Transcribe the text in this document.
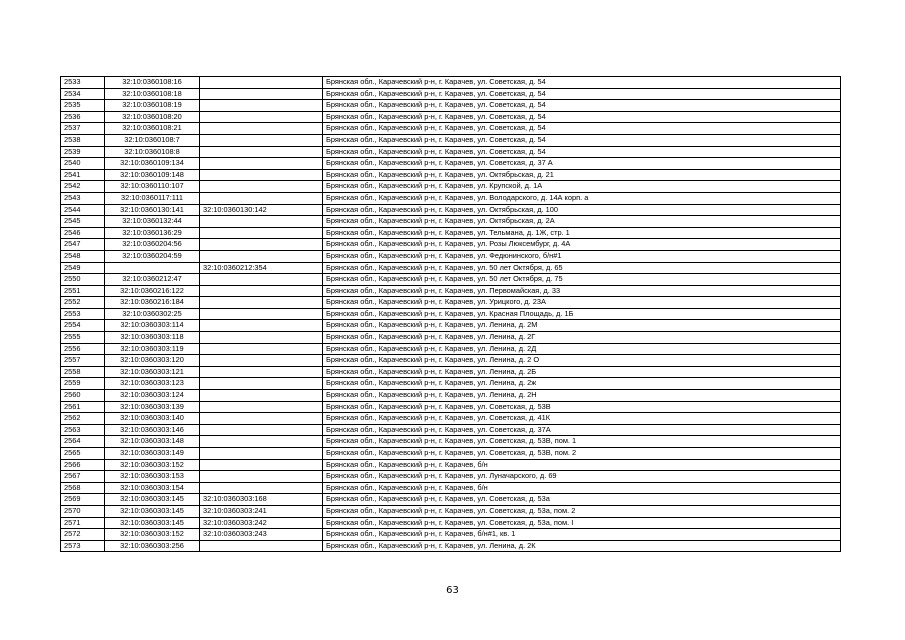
2533	32:10:0360108:16		Брянская обл., Карачевский р-н, г. Карачев, ул. Советская, д. 54
2534	32:10:0360108:18		Брянская обл., Карачевский р-н, г. Карачев, ул. Советская, д. 54
2535	32:10:0360108:19		Брянская обл., Карачевский р-н, г. Карачев, ул. Советская, д. 54
2536	32:10:0360108:20		Брянская обл., Карачевский р-н, г. Карачев, ул. Советская, д. 54
2537	32:10:0360108:21		Брянская обл., Карачевский р-н, г. Карачев, ул. Советская, д. 54
2538	32:10:0360108:7		Брянская обл., Карачевский р-н, г. Карачев, ул. Советская, д. 54
2539	32:10:0360108:8		Брянская обл., Карачевский р-н, г. Карачев, ул. Советская, д. 54
2540	32:10:0360109:134		Брянская обл., Карачевский р-н, г. Карачев, ул. Советская, д. 37 А
2541	32:10:0360109:148		Брянская обл., Карачевский р-н, г. Карачев, ул. Октябрьская, д. 21
2542	32:10:0360110:107		Брянская обл., Карачевский р-н, г. Карачев, ул. Крупской, д. 1А
2543	32:10:0360117:111		Брянская обл., Карачевский р-н, г. Карачев, ул. Володарского, д. 14А корп. а
2544	32:10:0360130:141	32:10:0360130:142	Брянская обл., Карачевский р-н, г. Карачев, ул. Октябрьская, д. 100
2545	32:10:0360132:44		Брянская обл., Карачевский р-н, г. Карачев, ул. Октябрьская, д. 2А
2546	32:10:0360136:29		Брянская обл., Карачевский р-н, г. Карачев, ул. Тельмана, д. 1Ж, стр. 1
2547	32:10:0360204:56		Брянская обл., Карачевский р-н, г. Карачев, ул. Розы Люксембург, д. 4А
2548	32:10:0360204:59		Брянская обл., Карачевский р-н, г. Карачев, ул. Федюнинского, б/н#1
2549		32:10:0360212:354	Брянская обл., Карачевский р-н, г. Карачев, ул. 50 лет Октября, д. 65
2550	32:10:0360212:47		Брянская обл., Карачевский р-н, г. Карачев, ул. 50 лет Октября, д. 75
2551	32:10:0360216:122		Брянская обл., Карачевский р-н, г. Карачев, ул. Первомайская, д. 33
2552	32:10:0360216:184		Брянская обл., Карачевский р-н, г. Карачев, ул. Урицкого, д. 23А
2553	32:10:0360302:25		Брянская обл., Карачевский р-н, г. Карачев, ул. Красная Площадь, д. 1Б
2554	32:10:0360303:114		Брянская обл., Карачевский р-н, г. Карачев, ул. Ленина, д. 2М
2555	32:10:0360303:118		Брянская обл., Карачевский р-н, г. Карачев, ул. Ленина, д. 2Г
2556	32:10:0360303:119		Брянская обл., Карачевский р-н, г. Карачев, ул. Ленина, д. 2Д
2557	32:10:0360303:120		Брянская обл., Карачевский р-н, г. Карачев, ул. Ленина, д. 2 О
2558	32:10:0360303:121		Брянская обл., Карачевский р-н, г. Карачев, ул. Ленина, д. 2Б
2559	32:10:0360303:123		Брянская обл., Карачевский р-н, г. Карачев, ул. Ленина, д. 2ж
2560	32:10:0360303:124		Брянская обл., Карачевский р-н, г. Карачев, ул. Ленина, д. 2Н
2561	32:10:0360303:139		Брянская обл., Карачевский р-н, г. Карачев, ул. Советская, д. 53В
2562	32:10:0360303:140		Брянская обл., Карачевский р-н, г. Карачев, ул. Советская, д. 41К
2563	32:10:0360303:146		Брянская обл., Карачевский р-н, г. Карачев, ул. Советская, д. 37А
2564	32:10:0360303:148		Брянская обл., Карачевский р-н, г. Карачев, ул. Советская, д. 53В, пом. 1
2565	32:10:0360303:149		Брянская обл., Карачевский р-н, г. Карачев, ул. Советская, д. 53В, пом. 2
2566	32:10:0360303:152		Брянская обл., Карачевский р-н, г. Карачев, б/н
2567	32:10:0360303:153		Брянская обл., Карачевский р-н, г. Карачев, ул. Луначарского, д. 69
2568	32:10:0360303:154		Брянская обл., Карачевский р-н, г. Карачев, б/н
2569	32:10:0360303:145	32:10:0360303:168	Брянская обл., Карачевский р-н, г. Карачев, ул. Советская, д. 53а
2570	32:10:0360303:145	32:10:0360303:241	Брянская обл., Карачевский р-н, г. Карачев, ул. Советская, д. 53а, пом. 2
2571	32:10:0360303:145	32:10:0360303:242	Брянская обл., Карачевский р-н, г. Карачев, ул. Советская, д. 53а, пом. I
2572	32:10:0360303:152	32:10:0360303:243	Брянская обл., Карачевский р-н, г. Карачев, б/н#1, кв. 1
2573	32:10:0360303:256		Брянская обл., Карачевский р-н, г. Карачев, ул. Ленина, д. 2К
63
